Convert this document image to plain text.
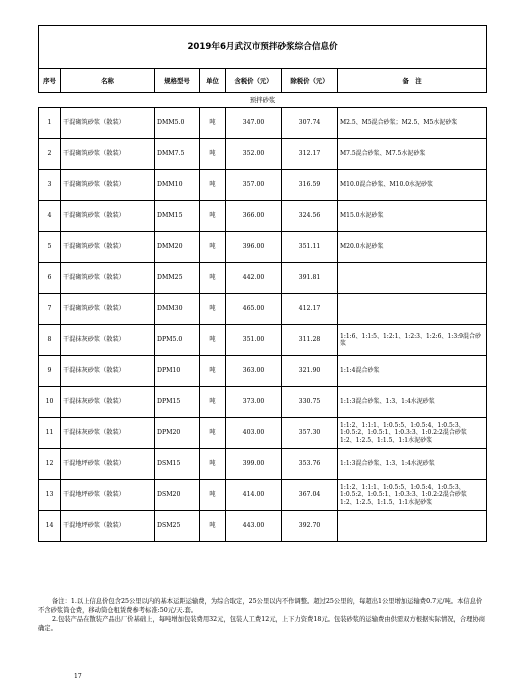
2019年6月武汉市预拌砂浆综合信息价						
序号	名称	规格型号	单位	含税价（元）	除税价（元）	备　注
预拌砂浆						
1	干混砌筑砂浆（散装）	DMM5.0	吨	347.00	307.74	M2.5、M5混合砂浆；M2.5、M5水泥砂浆
2	干混砌筑砂浆（散装）	DMM7.5	吨	352.00	312.17	M7.5混合砂浆、M7.5水泥砂浆
3	干混砌筑砂浆（散装）	DMM10	吨	357.00	316.59	M10.0混合砂浆、M10.0水泥砂浆
4	干混砌筑砂浆（散装）	DMM15	吨	366.00	324.56	M15.0水泥砂浆
5	干混砌筑砂浆（散装）	DMM20	吨	396.00	351.11	M20.0水泥砂浆
6	干混砌筑砂浆（散装）	DMM25	吨	442.00	391.81	
7	干混砌筑砂浆（散装）	DMM30	吨	465.00	412.17	
8	干混抹灰砂浆（散装）	DPM5.0	吨	351.00	311.28	1:1:6、1:1:5、1:2:1、1:2:3、1:2:6、1:3:9混合砂浆
9	干混抹灰砂浆（散装）	DPM10	吨	363.00	321.90	1:1:4混合砂浆
10	干混抹灰砂浆（散装）	DPM15	吨	373.00	330.75	1:1:3混合砂浆、1:3、1:4水泥砂浆
11	干混抹灰砂浆（散装）	DPM20	吨	403.00	357.30	1:1:2、1:1:1、1:0.5:5、1:0.5:4、1:0.5:3、1:0.5:2、1:0.5:1、1:0.3:3、1:0.2:2混合砂浆　1:2、1:2.5、1:1.5、1:1水泥砂浆
12	干混地坪砂浆（散装）	DSM15	吨	399.00	353.76	1:1:3混合砂浆、1:3、1:4水泥砂浆
13	干混地坪砂浆（散装）	DSM20	吨	414.00	367.04	1:1:2、1:1:1、1:0.5:5、1:0.5:4、1:0.5:3、1:0.5:2、1:0.5:1、1:0.3:3、1:0.2:2混合砂浆　1:2、1:2.5、1:1.5、1:1水泥砂浆
14	干混地坪砂浆（散装）	DSM25	吨	443.00	392.70	

备注：1.以上信息价包含25公里以内的基本运距运输费，为综合取定，25公里以内不作调整。超过25公里的，每超出1公里增加运输费0.7元/吨。本信息价不含砂浆筒仓费，移动筒仓租赁费参考标准:50元/天.套。

2.包装产品在散装产品出厂价基础上，每吨增加包装费用32元，包装人工费12元，上下力资费18元。包装砂浆的运输费由供需双方根据实际情况，合理协商确定。

17
